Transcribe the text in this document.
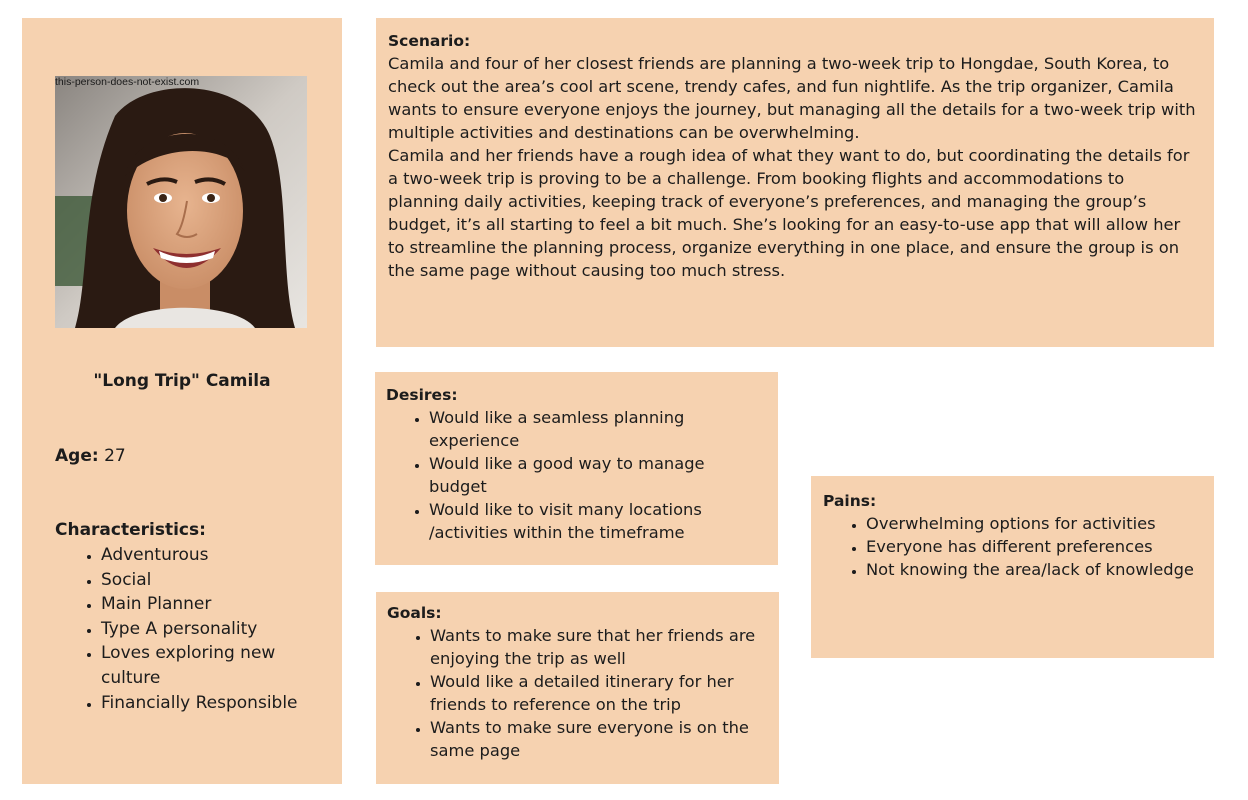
this-person-does-not-exist.com
"Long Trip" Camila

Age: 27

Characteristics:
• Adventurous
• Social
• Main Planner
• Type A personality
• Loves exploring new culture
• Financially Responsible
Scenario:

Camila and four of her closest friends are planning a two-week trip to Hongdae, South Korea, to check out the area’s cool art scene, trendy cafes, and fun nightlife. As the trip organizer, Camila wants to ensure everyone enjoys the journey, but managing all the details for a two-week trip with multiple activities and destinations can be overwhelming.

Camila and her friends have a rough idea of what they want to do, but coordinating the details for a two-week trip is proving to be a challenge. From booking flights and accommodations to planning daily activities, keeping track of everyone’s preferences, and managing the group’s budget, it’s all starting to feel a bit much. She’s looking for an easy-to-use app that will allow her to streamline the planning process, organize everything in one place, and ensure the group is on the same page without causing too much stress.

Desires:
• Would like a seamless planning experience
• Would like a good way to manage budget
• Would like to visit many locations /activities within the timeframe
Goals:
• Wants to make sure that her friends are enjoying the trip as well
• Would like a detailed itinerary for her friends to reference on the trip
• Wants to make sure everyone is on the same page
Pains:
• Overwhelming options for activities
• Everyone has different preferences
• Not knowing the area/lack of knowledge
